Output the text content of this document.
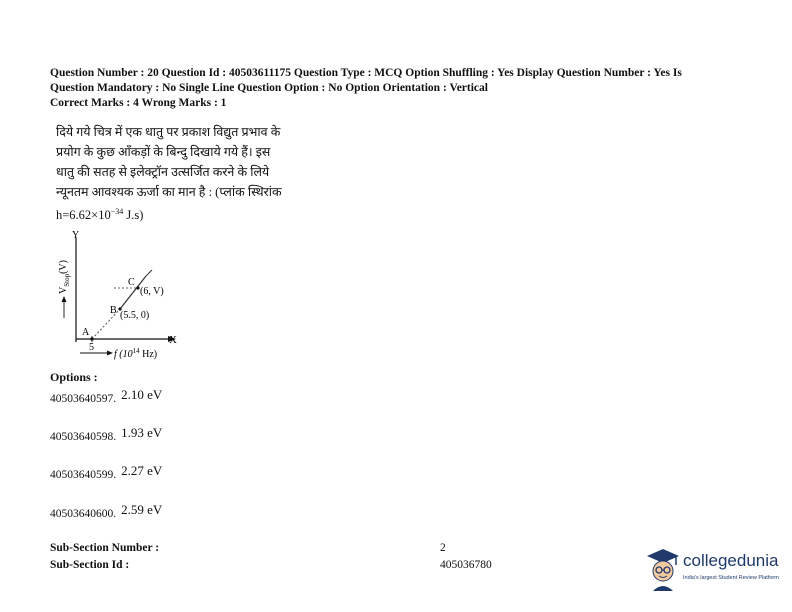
Question Number : 20 Question Id : 40503611175 Question Type : MCQ Option Shuffling : Yes Display Question Number : Yes Is
Question Mandatory : No Single Line Question Option : No Option Orientation : Vertical
Correct Marks : 4 Wrong Marks : 1
दिये गये चित्र में एक धातु पर प्रकाश विद्युत प्रभाव के
प्रयोग के कुछ आँकड़ों के बिन्दु दिखाये गये हैं। इस
धातु की सतह से इलेक्ट्रॉन उत्सर्जित करने के लिये
न्यूनतम आवश्यक ऊर्जा का मान है : (प्लांक स्थिरांक
$h=6.62\times 10^{-34}$ J.s)
Y
X
$V_{Stop}(V)$
5
f ($10^{14}$ Hz)
A
B
C
(5.5, 0)
(6, V)
Options :
40503640597. 2.10 eV
40503640598. 1.93 eV
40503640599. 2.27 eV
40503640600. 2.59 eV
Sub-Section Number :	2
Sub-Section Id :	405036780	collegedunia
India's largest Student Review Platform
